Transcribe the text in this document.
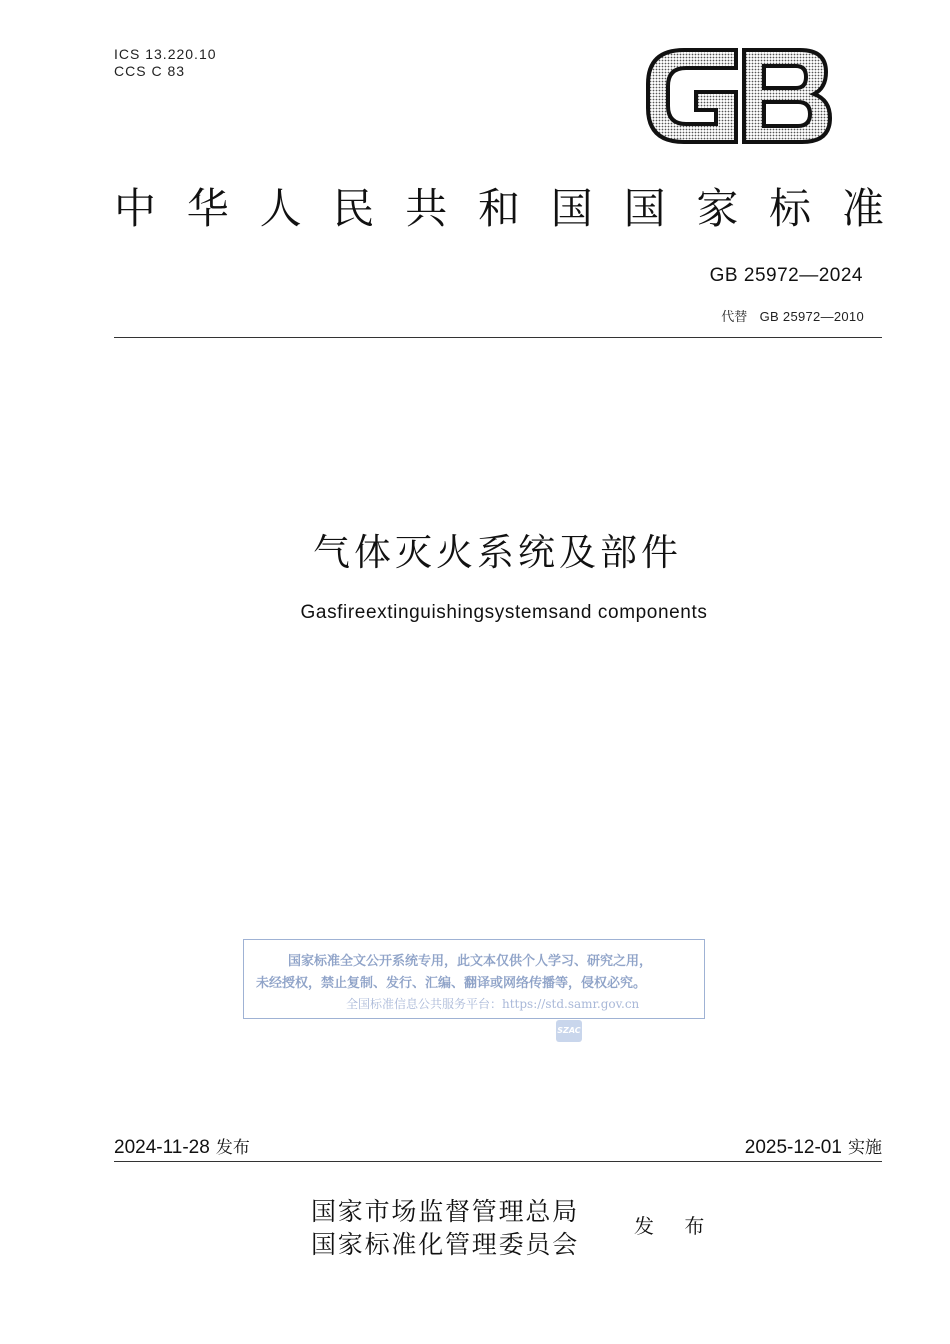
ICS 13.220.10
CCS C 83
中 华 人 民 共 和 国 国 家 标 准
GB 25972—2024
代替 GB 25972—2010
气体灭火系统及部件
Gasfireextinguishingsystemsand components
国家标准全文公开系统专用，此文本仅供个人学习、研究之用，
未经授权，禁止复制、发行、汇编、翻译或网络传播等，侵权必究。
全国标准信息公共服务平台：https://std.samr.gov.cn
SZAC
2024-11-28 发布	2025-12-01 实施
国家市场监督管理总局
国家标准化管理委员会
发 布
